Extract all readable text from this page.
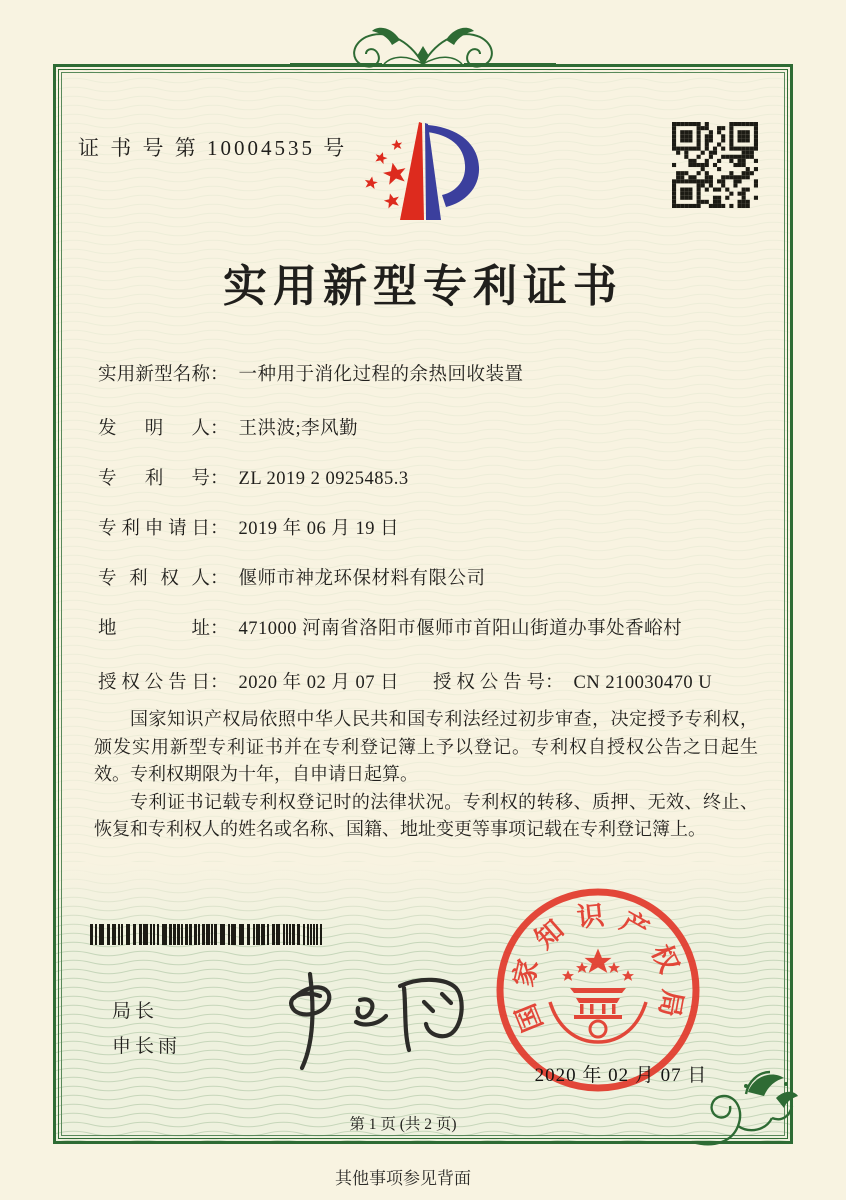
证 书 号 第 10004535 号
实用新型专利证书
实用新型名称： 一种用于消化过程的余热回收装置
发明人： 王洪波;李风勤
专利号： ZL 2019 2 0925485.3
专利申请日： 2019 年 06 月 19 日
专利权人： 偃师市神龙环保材料有限公司
地址： 471000 河南省洛阳市偃师市首阳山街道办事处香峪村
授权公告日： 2020 年 02 月 07 日 授权公告号： CN 210030470 U

国家知识产权局依照中华人民共和国专利法经过初步审查，决定授予专利权，颁发实用新型专利证书并在专利登记簿上予以登记。专利权自授权公告之日起生效。专利权期限为十年，自申请日起算。

专利证书记载专利权登记时的法律状况。专利权的转移、质押、无效、终止、恢复和专利权人的姓名或名称、国籍、地址变更等事项记载在专利登记簿上。

局长
申长雨
国
家
知 识 产
权
局
2020 年 02 月 07 日
第 1 页 (共 2 页)
其他事项参见背面
